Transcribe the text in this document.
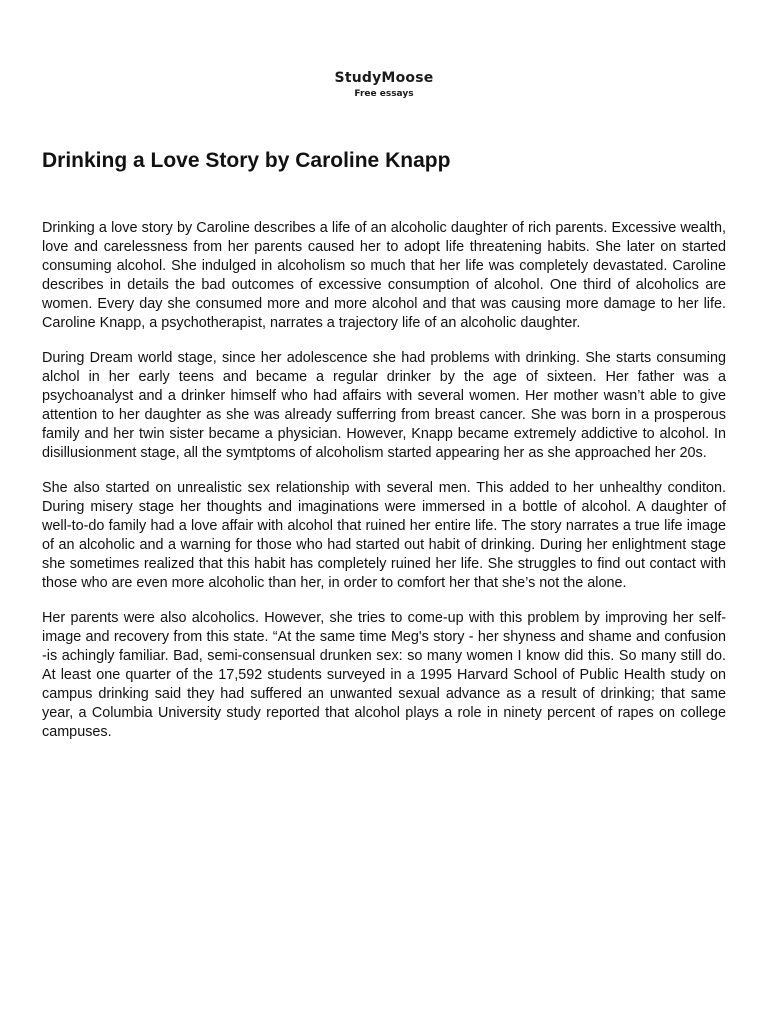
StudyMoose
Free essays
Drinking a Love Story by Caroline Knapp

Drinking a love story by Caroline describes a life of an alcoholic daughter of rich parents. Excessive wealth, love and carelessness from her parents caused her to adopt life threatening habits. She later on started consuming alcohol. She indulged in alcoholism so much that her life was completely devastated. Caroline describes in details the bad outcomes of excessive consumption of alcohol. One third of alcoholics are women. Every day she consumed more and more alcohol and that was causing more damage to her life. Caroline Knapp, a psychotherapist, narrates a trajectory life of an alcoholic daughter.

During Dream world stage, since her adolescence she had problems with drinking. She starts consuming alchol in her early teens and became a regular drinker by the age of sixteen. Her father was a psychoanalyst and a drinker himself who had affairs with several women. Her mother wasn’t able to give attention to her daughter as she was already sufferring from breast cancer. She was born in a prosperous family and her twin sister became a physician. However, Knapp became extremely addictive to alcohol. In disillusionment stage, all the symtptoms of alcoholism started appearing her as she approached her 20s.

She also started on unrealistic sex relationship with several men. This added to her unhealthy conditon. During misery stage her thoughts and imaginations were immersed in a bottle of alcohol. A daughter of well-to-do family had a love affair with alcohol that ruined her entire life. The story narrates a true life image of an alcoholic and a warning for those who had started out habit of drinking. During her enlightment stage she sometimes realized that this habit has completely ruined her life. She struggles to find out contact with those who are even more alcoholic than her, in order to comfort her that she’s not the alone.

Her parents were also alcoholics. However, she tries to come-up with this problem by improving her self-image and recovery from this state. “At the same time Meg's story - her shyness and shame and confusion -is achingly familiar. Bad, semi-consensual drunken sex: so many women I know did this. So many still do. At least one quarter of the 17,592 students surveyed in a 1995 Harvard School of Public Health study on campus drinking said they had suffered an unwanted sexual advance as a result of drinking; that same year, a Columbia University study reported that alcohol plays a role in ninety percent of rapes on college campuses.
